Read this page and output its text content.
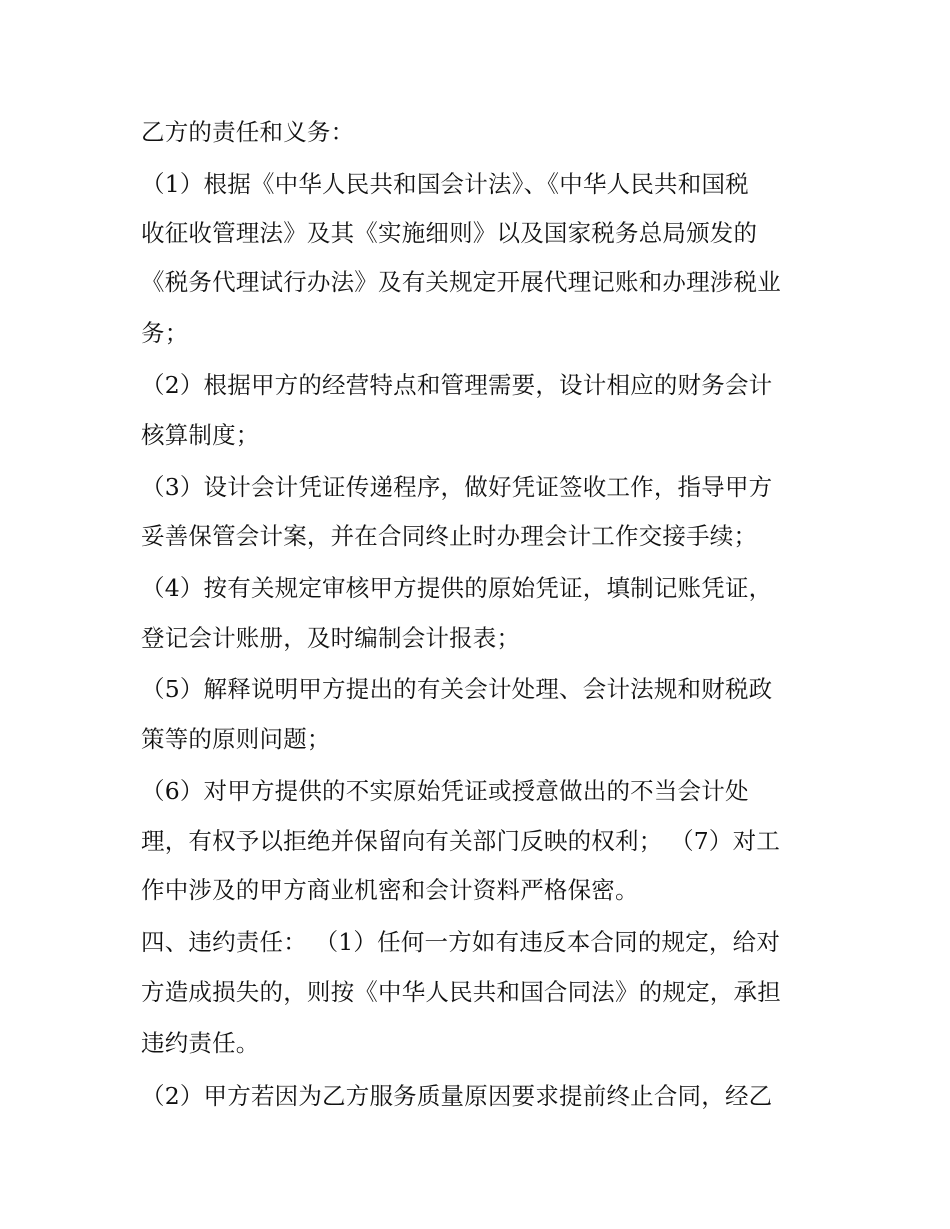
乙方的责任和义务：

（1）根据《中华人民共和国会计法》、《中华人民共和国税

收征收管理法》及其《实施细则》以及国家税务总局颁发的

《税务代理试行办法》及有关规定开展代理记账和办理涉税业

务；

（2）根据甲方的经营特点和管理需要，设计相应的财务会计

核算制度；

（3）设计会计凭证传递程序，做好凭证签收工作，指导甲方

妥善保管会计案，并在合同终止时办理会计工作交接手续；

（4）按有关规定审核甲方提供的原始凭证，填制记账凭证，

登记会计账册，及时编制会计报表；

（5）解释说明甲方提出的有关会计处理、会计法规和财税政

策等的原则问题；

（6）对甲方提供的不实原始凭证或授意做出的不当会计处

理，有权予以拒绝并保留向有关部门反映的权利； （7）对工

作中涉及的甲方商业机密和会计资料严格保密。

四、违约责任： （1）任何一方如有违反本合同的规定，给对

方造成损失的，则按《中华人民共和国合同法》的规定，承担

违约责任。

（2）甲方若因为乙方服务质量原因要求提前终止合同，经乙
